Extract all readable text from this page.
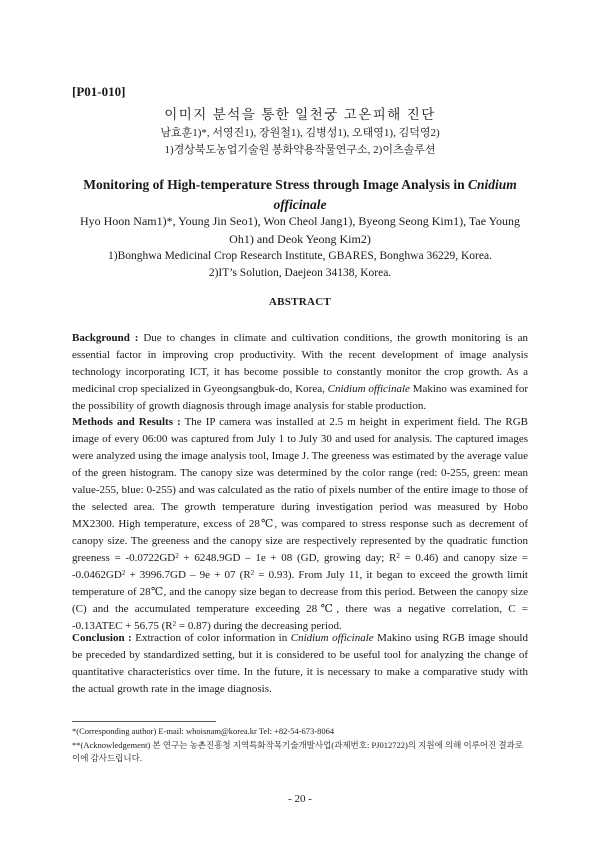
[P01-010]
이미지 분석을 통한 일천궁 고온피해 진단
남효훈1)*, 서영진1), 장원철1), 김병성1), 오태영1), 김덕영2)
1)경상북도농업기술원 봉화약용작물연구소, 2)이츠솔루션
Monitoring of High-temperature Stress through Image Analysis in Cnidium officinale
Hyo Hoon Nam1)*, Young Jin Seo1), Won Cheol Jang1), Byeong Seong Kim1), Tae Young
Oh1) and Deok Yeong Kim2)
1)Bonghwa Medicinal Crop Research Institute, GBARES, Bonghwa 36229, Korea.
2)IT’s Solution, Daejeon 34138, Korea.
ABSTRACT

Background : Due to changes in climate and cultivation conditions, the growth monitoring is an essential factor in improving crop productivity. With the recent development of image analysis technology incorporating ICT, it has become possible to constantly monitor the crop growth. As a medicinal crop specialized in Gyeongsangbuk-do, Korea, Cnidium officinale Makino was examined for the possibility of growth diagnosis through image analysis for stable production.

Methods and Results : The IP camera was installed at 2.5 m height in experiment field. The RGB image of every 06:00 was captured from July 1 to July 30 and used for analysis. The captured images were analyzed using the image analysis tool, Image J. The greeness was estimated by the average value of the green histogram. The canopy size was determined by the color range (red: 0-255, green: mean value-255, blue: 0-255) and was calculated as the ratio of pixels number of the entire image to those of the selected area. The growth temperature during investigation period was measured by Hobo MX2300. High temperature, excess of 28℃, was compared to stress response such as decrement of canopy size. The greeness and the canopy size are respectively represented by the quadratic function greeness = $-0.0722GD^2 + 6248.9GD - 1e + 08$ (GD, growing day; $R^2 = 0.46$) and canopy size = $-0.0462GD^2 + 3996.7GD - 9e + 07$ $(R^2 = 0.93)$. From July 11, it began to exceed the growth limit temperature of 28℃, and the canopy size began to decrease from this period. Between the canopy size (C) and the accumulated temperature exceeding 28℃, there was a negative correlation, C = -0.13ATEC + 56.75 $(R^2 = 0.87)$ during the decreasing period.

Conclusion : Extraction of color information in Cnidium officinale Makino using RGB image should be preceded by standardized setting, but it is considered to be useful tool for analyzing the change of quantitative characteristics over time. In the future, it is necessary to make a comparative study with the actual growth rate in the image diagnosis.

*(Corresponding author) E-mail: whoisnam@korea.kr Tel: +82-54-673-8064
**(Acknowledgement) 본 연구는 농촌진흥청 지역특화작목기술개발사업(과제번호: PJ012722)의 지원에 의해 이루어진 결과로 이에 감사드립니다.
- 20 -
